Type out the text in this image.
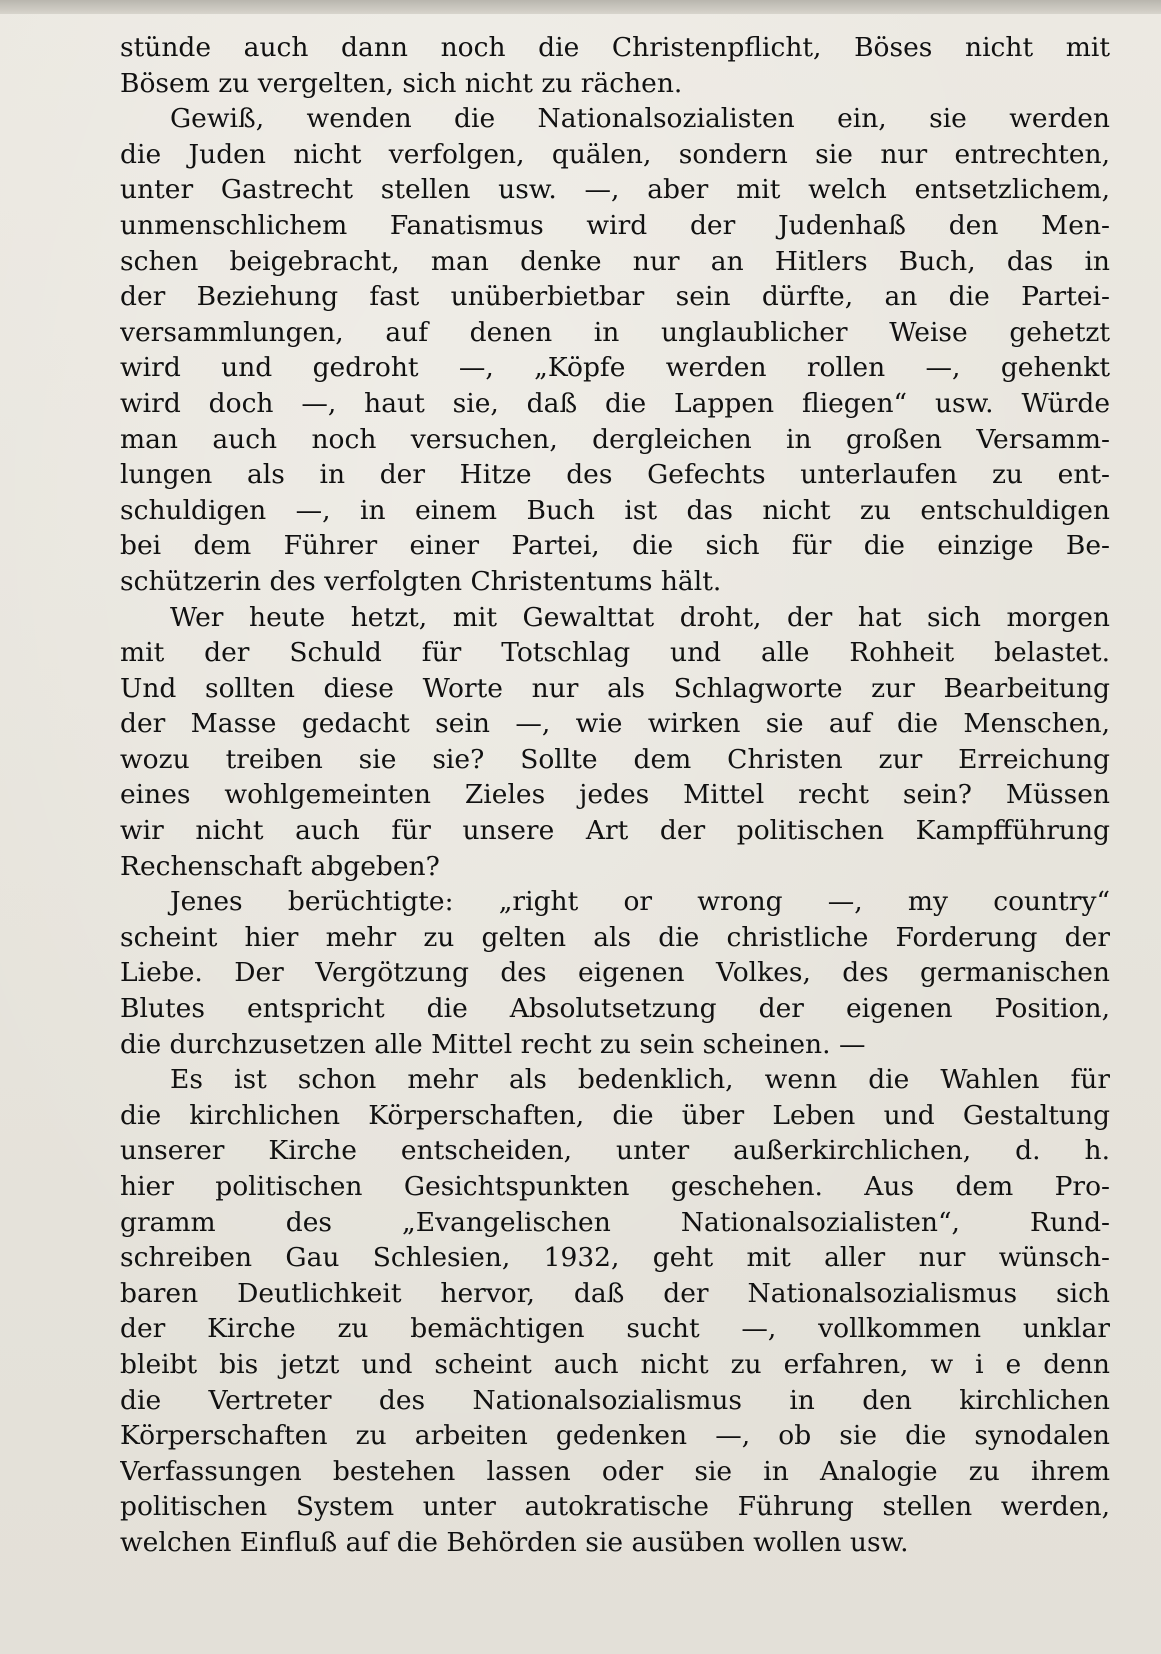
stünde auch dann noch die Christenpflicht, Böses nicht mit
Bösem zu vergelten, sich nicht zu rächen.
Gewiß, wenden die Nationalsozialisten ein, sie werden
die Juden nicht verfolgen, quälen, sondern sie nur entrechten,
unter Gastrecht stellen usw. —, aber mit welch entsetzlichem,
unmenschlichem Fanatismus wird der Judenhaß den Men-
schen beigebracht, man denke nur an Hitlers Buch, das in
der Beziehung fast unüberbietbar sein dürfte, an die Partei-
versammlungen, auf denen in unglaublicher Weise gehetzt
wird und gedroht —, „Köpfe werden rollen —, gehenkt
wird doch —, haut sie, daß die Lappen fliegen“ usw. Würde
man auch noch versuchen, dergleichen in großen Versamm-
lungen als in der Hitze des Gefechts unterlaufen zu ent-
schuldigen —, in einem Buch ist das nicht zu entschuldigen
bei dem Führer einer Partei, die sich für die einzige Be-
schützerin des verfolgten Christentums hält.
Wer heute hetzt, mit Gewalttat droht, der hat sich morgen
mit der Schuld für Totschlag und alle Rohheit belastet.
Und sollten diese Worte nur als Schlagworte zur Bearbeitung
der Masse gedacht sein —, wie wirken sie auf die Menschen,
wozu treiben sie sie? Sollte dem Christen zur Erreichung
eines wohlgemeinten Zieles jedes Mittel recht sein? Müssen
wir nicht auch für unsere Art der politischen Kampfführung
Rechenschaft abgeben?
Jenes berüchtigte: „right or wrong —, my country“
scheint hier mehr zu gelten als die christliche Forderung der
Liebe. Der Vergötzung des eigenen Volkes, des germanischen
Blutes entspricht die Absolutsetzung der eigenen Position,
die durchzusetzen alle Mittel recht zu sein scheinen. —
Es ist schon mehr als bedenklich, wenn die Wahlen für
die kirchlichen Körperschaften, die über Leben und Gestaltung
unserer Kirche entscheiden, unter außerkirchlichen, d. h.
hier politischen Gesichtspunkten geschehen. Aus dem Pro-
gramm des „Evangelischen Nationalsozialisten“, Rund-
schreiben Gau Schlesien, 1932, geht mit aller nur wünsch-
baren Deutlichkeit hervor, daß der Nationalsozialismus sich
der Kirche zu bemächtigen sucht —, vollkommen unklar
bleibt bis jetzt und scheint auch nicht zu erfahren, w i e denn
die Vertreter des Nationalsozialismus in den kirchlichen
Körperschaften zu arbeiten gedenken —, ob sie die synodalen
Verfassungen bestehen lassen oder sie in Analogie zu ihrem
politischen System unter autokratische Führung stellen werden,
welchen Einfluß auf die Behörden sie ausüben wollen usw.
